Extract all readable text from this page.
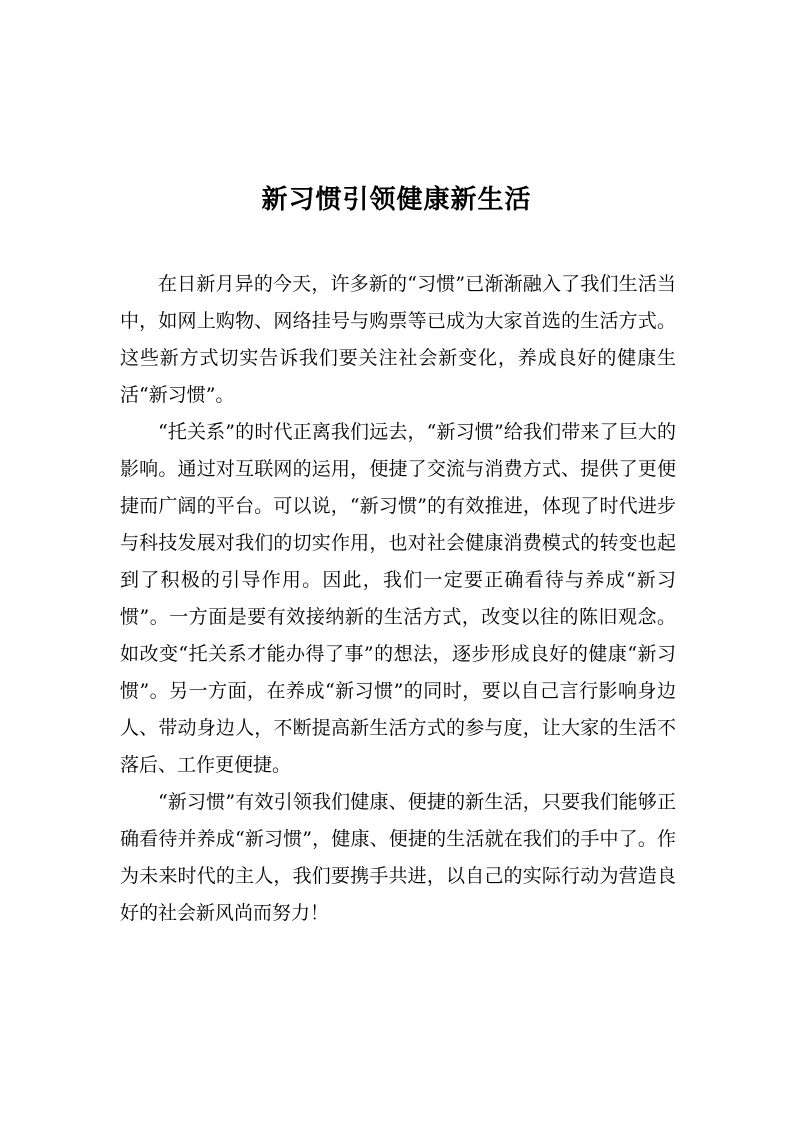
新习惯引领健康新生活

在日新月异的今天，许多新的“习惯”已渐渐融入了我们生活当中，如网上购物、网络挂号与购票等已成为大家首选的生活方式。这些新方式切实告诉我们要关注社会新变化，养成良好的健康生活“新习惯”。

“托关系”的时代正离我们远去，“新习惯”给我们带来了巨大的影响。通过对互联网的运用，便捷了交流与消费方式、提供了更便捷而广阔的平台。可以说，“新习惯”的有效推进，体现了时代进步与科技发展对我们的切实作用，也对社会健康消费模式的转变也起到了积极的引导作用。因此，我们一定要正确看待与养成“新习惯”。一方面是要有效接纳新的生活方式，改变以往的陈旧观念。如改变“托关系才能办得了事”的想法，逐步形成良好的健康“新习惯”。另一方面，在养成“新习惯”的同时，要以自己言行影响身边人、带动身边人，不断提高新生活方式的参与度，让大家的生活不落后、工作更便捷。

“新习惯”有效引领我们健康、便捷的新生活，只要我们能够正确看待并养成“新习惯”，健康、便捷的生活就在我们的手中了。作为未来时代的主人，我们要携手共进，以自己的实际行动为营造良好的社会新风尚而努力！
